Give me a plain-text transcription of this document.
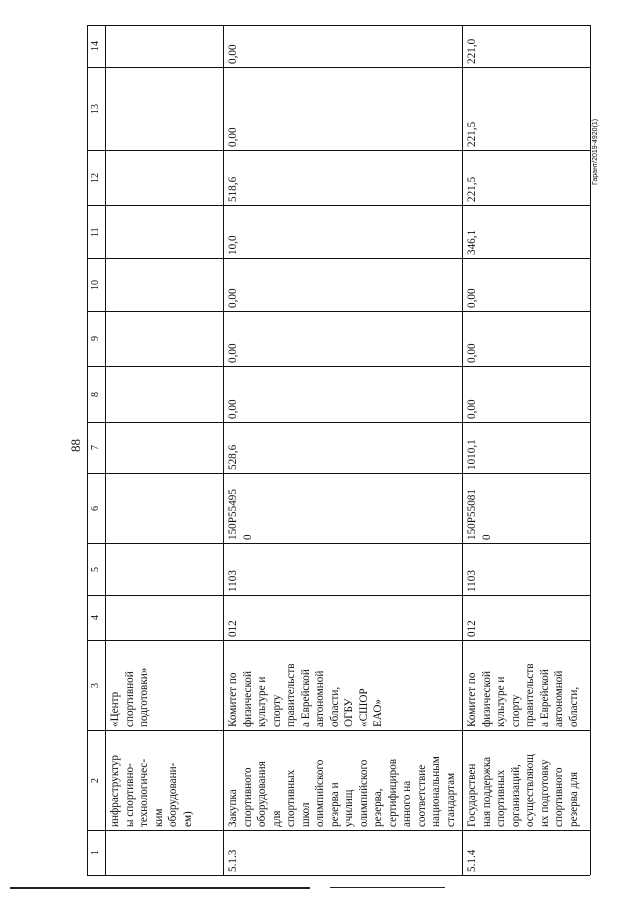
88
Гарант/2019-4920(1)
1
2
3
4
5
6
7
8
9
10
11
12
13
14
инфраструктур
ы спортивно-
технологичес-
ким
оборудовани-
ем)
«Центр
спортивной
подготовки»
5.1.3
Закупка
спортивного
оборудования
для
спортивных
школ
олимпийского
резерва и
училищ
олимпийского
резерва,
сертифициров
анного на
соответствие
национальным
стандартам
Комитет по
физической
культуре и
спорту
правительств
а Еврейской
автономной
области,
ОГБУ
«СШОР
ЕАО»
012
1103
150Р55495
0
528,6
0,00
0,00
0,00
10,0
518,6
0,00
0,00
5.1.4
Государствен
ная поддержка
спортивных
организаций,
осуществляющ
их подготовку
спортивного
резерва для
Комитет по
физической
культуре и
спорту
правительств
а Еврейской
автономной
области,
012
1103
150Р55081
0
1010,1
0,00
0,00
0,00
346,1
221,5
221,5
221,0
